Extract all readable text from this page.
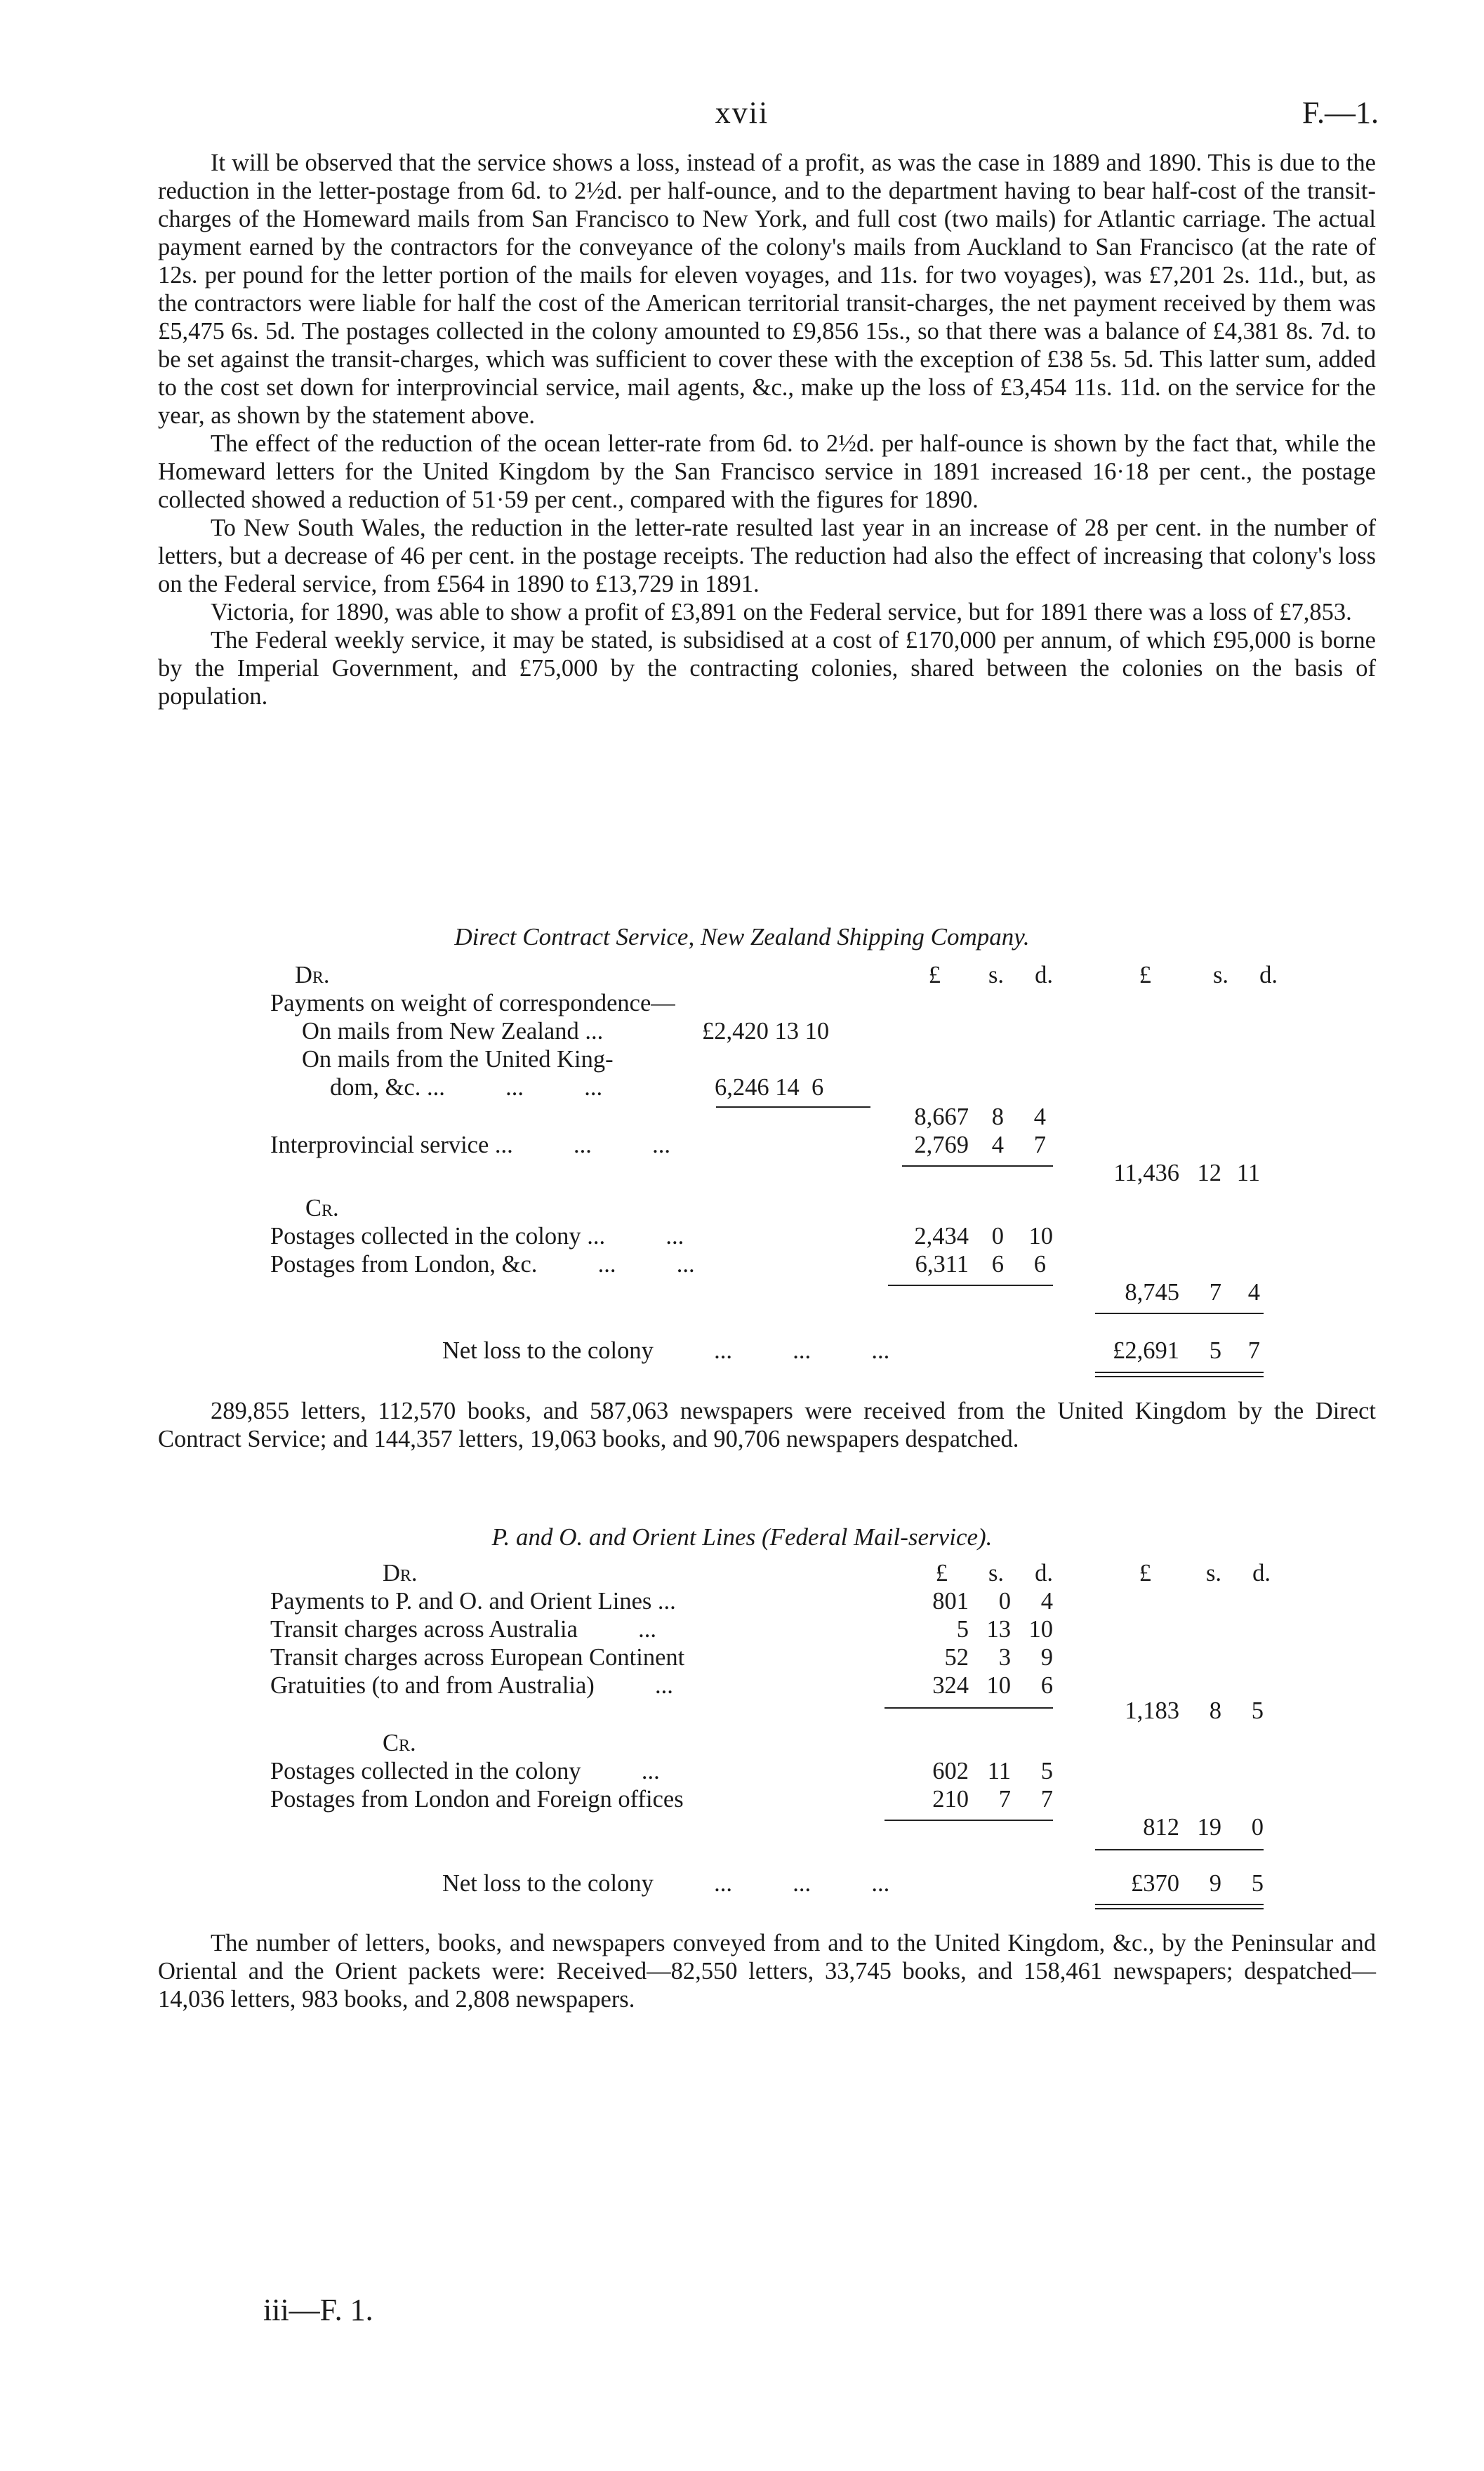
xvii	F.—1.

It will be observed that the service shows a loss, instead of a profit, as was the case in 1889 and 1890. This is due to the reduction in the letter-postage from 6d. to 2½d. per half-ounce, and to the department having to bear half-cost of the transit-charges of the Homeward mails from San Francisco to New York, and full cost (two mails) for Atlantic carriage. The actual payment earned by the contractors for the conveyance of the colony's mails from Auckland to San Francisco (at the rate of 12s. per pound for the letter portion of the mails for eleven voyages, and 11s. for two voyages), was £7,201 2s. 11d., but, as the contractors were liable for half the cost of the American territorial transit-charges, the net payment received by them was £5,475 6s. 5d. The postages collected in the colony amounted to £9,856 15s., so that there was a balance of £4,381 8s. 7d. to be set against the transit-charges, which was sufficient to cover these with the exception of £38 5s. 5d. This latter sum, added to the cost set down for interprovincial service, mail agents, &c., make up the loss of £3,454 11s. 11d. on the service for the year, as shown by the statement above.

The effect of the reduction of the ocean letter-rate from 6d. to 2½d. per half-ounce is shown by the fact that, while the Homeward letters for the United Kingdom by the San Francisco service in 1891 increased 16·18 per cent., the postage collected showed a reduction of 51·59 per cent., compared with the figures for 1890.

To New South Wales, the reduction in the letter-rate resulted last year in an increase of 28 per cent. in the number of letters, but a decrease of 46 per cent. in the postage receipts. The reduction had also the effect of increasing that colony's loss on the Federal service, from £564 in 1890 to £13,729 in 1891.

Victoria, for 1890, was able to show a profit of £3,891 on the Federal service, but for 1891 there was a loss of £7,853.

The Federal weekly service, it may be stated, is subsidised at a cost of £170,000 per annum, of which £95,000 is borne by the Imperial Government, and £75,000 by the contracting colonies, shared between the colonies on the basis of population.

Direct Contract Service, New Zealand Shipping Company.
Dr.	£	s.	d.	£	s.	d.
Payments on weight of correspondence—
On mails from New Zealand ...	£2,420 13 10
On mails from the United King-
dom, &c. ...          ...          ...	6,246 14  6
8,667 8	4
Interprovincial service ...          ...          ...	2,769 4	7
11,436 12 11
Cr.
Postages collected in the colony ...          ...	2,434 0	10
Postages from London, &c.          ...          ...	6,311 6	6
8,745	7	4
Net loss to the colony          ...          ...          ...	£2,691	5	7

289,855 letters, 112,570 books, and 587,063 newspapers were received from the United Kingdom by the Direct Contract Service; and 144,357 letters, 19,063 books, and 90,706 newspapers despatched.

P. and O. and Orient Lines (Federal Mail-service).
Dr.	£	s.	d.	£	s.	d.
Payments to P. and O. and Orient Lines ...	801	0	4
Transit charges across Australia          ...	5 13 10
Transit charges across European Continent	52	3	9
Gratuities (to and from Australia)          ...	324 10	6
1,183	8	5
Cr.
Postages collected in the colony          ...	602 11	5
Postages from London and Foreign offices	210	7	7
812 19	0
Net loss to the colony          ...          ...          ...	£370	9	5

The number of letters, books, and newspapers conveyed from and to the United Kingdom, &c., by the Peninsular and Oriental and the Orient packets were: Received—82,550 letters, 33,745 books, and 158,461 newspapers; despatched—14,036 letters, 983 books, and 2,808 newspapers.

iii—F. 1.
